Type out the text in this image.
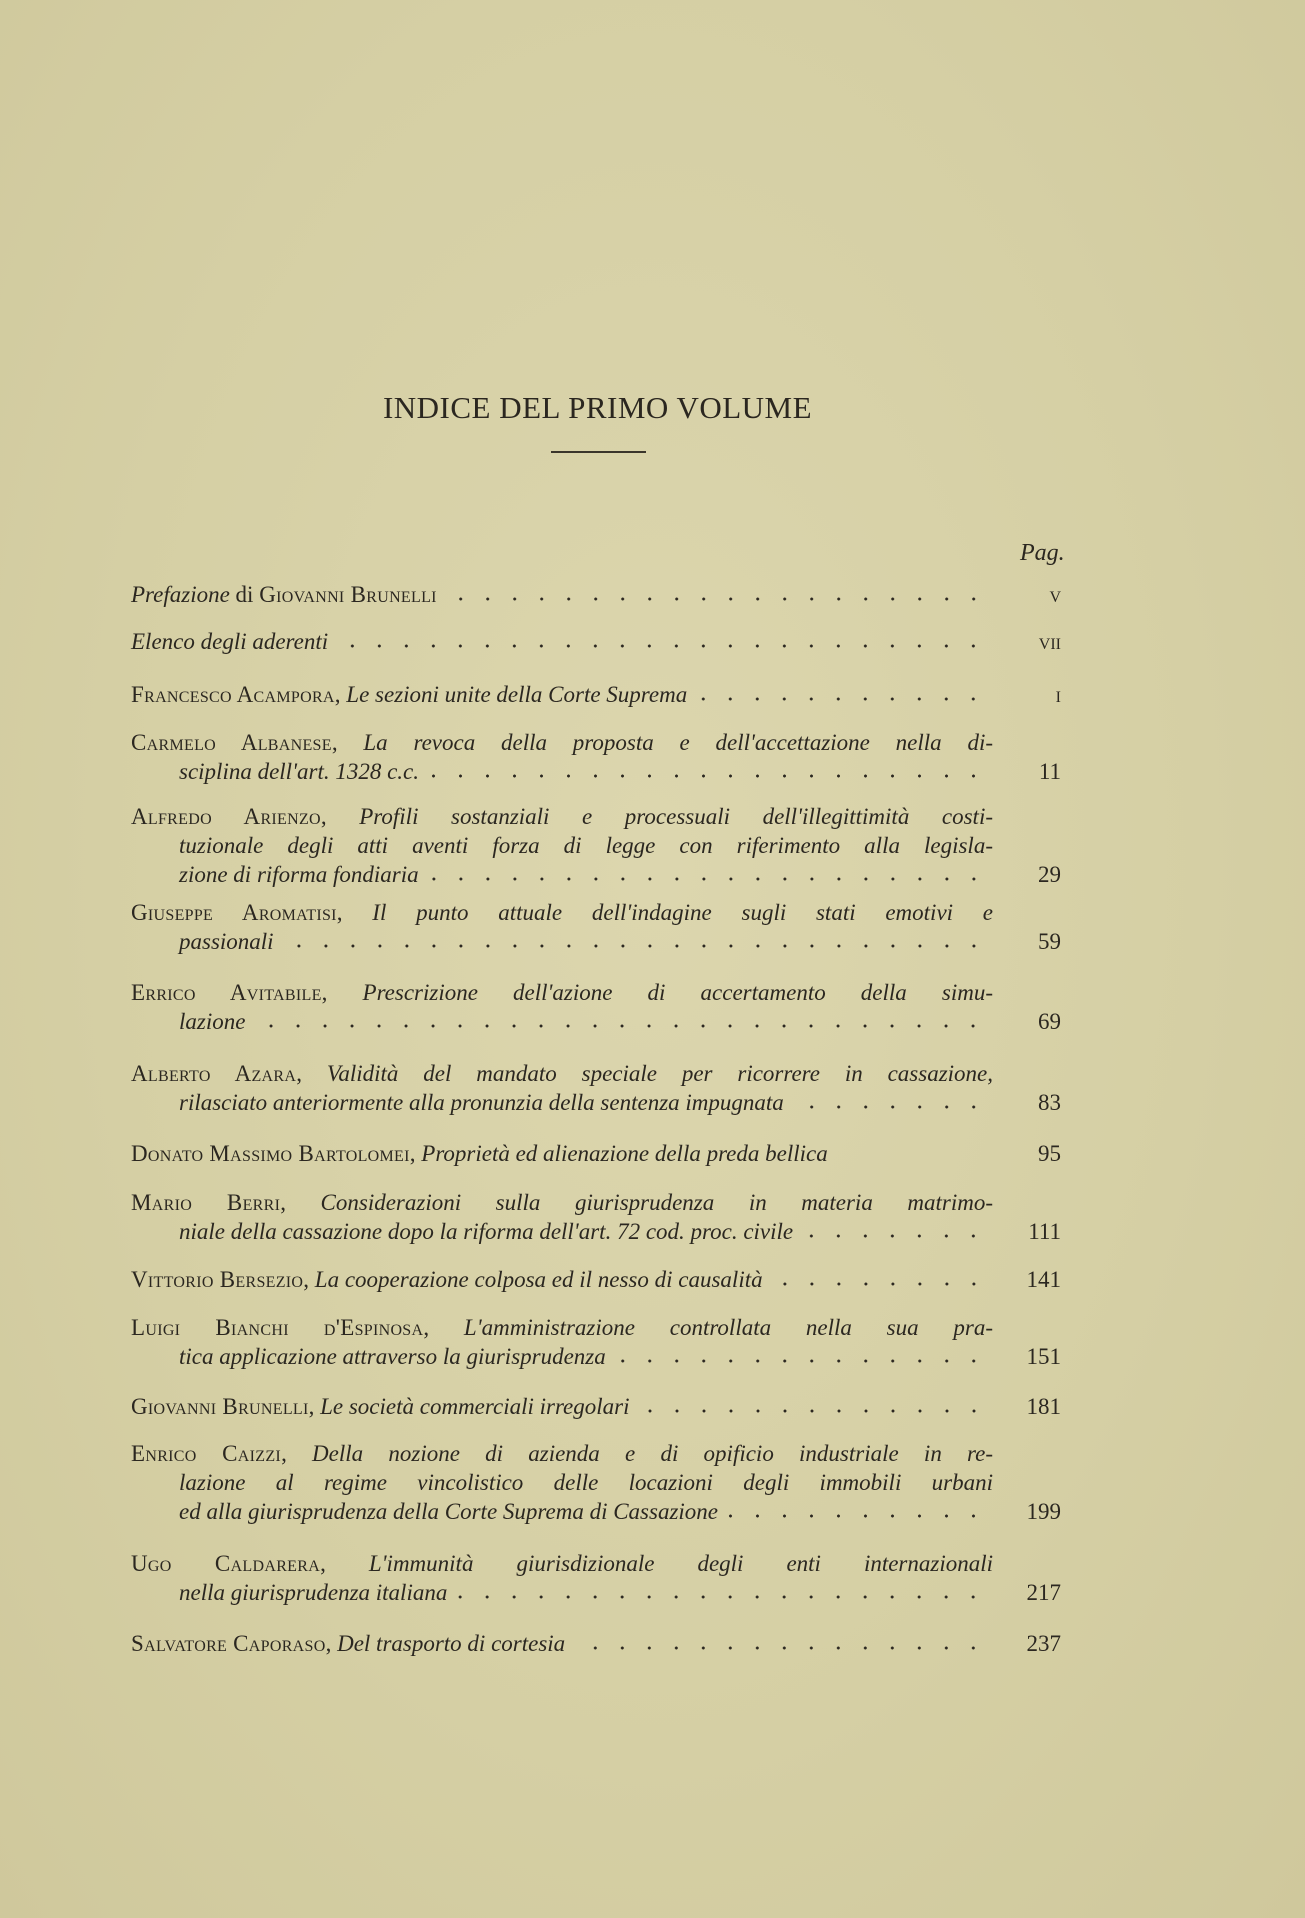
INDICE DEL PRIMO VOLUME
Pag.
v
Prefazione di Giovanni Brunelli
vii
Elenco degli aderenti
i
Francesco Acampora, Le sezioni unite della Corte Suprema
Carmelo Albanese, La revoca della proposta e dell'accettazione nella di-
11
sciplina dell'art. 1328 c.c.
Alfredo Arienzo, Profili sostanziali e processuali dell'illegittimità costi-
tuzionale degli atti aventi forza di legge con riferimento alla legisla-
29
zione di riforma fondiaria
Giuseppe Aromatisi, Il punto attuale dell'indagine sugli stati emotivi e
59
passionali
Errico Avitabile, Prescrizione dell'azione di accertamento della simu-
69
lazione
Alberto Azara, Validità del mandato speciale per ricorrere in cassazione,
83
rilasciato anteriormente alla pronunzia della sentenza impugnata
95
Donato Massimo Bartolomei, Proprietà ed alienazione della preda bellica
Mario Berri, Considerazioni sulla giurisprudenza in materia matrimo-
111
niale della cassazione dopo la riforma dell'art. 72 cod. proc. civile
141
Vittorio Bersezio, La cooperazione colposa ed il nesso di causalità
Luigi Bianchi d'Espinosa, L'amministrazione controllata nella sua pra-
151
tica applicazione attraverso la giurisprudenza
181
Giovanni Brunelli, Le società commerciali irregolari
Enrico Caizzi, Della nozione di azienda e di opificio industriale in re-
lazione al regime vincolistico delle locazioni degli immobili urbani
199
ed alla giurisprudenza della Corte Suprema di Cassazione
Ugo Caldarera, L'immunità giurisdizionale degli enti internazionali
217
nella giurisprudenza italiana
237
Salvatore Caporaso, Del trasporto di cortesia
